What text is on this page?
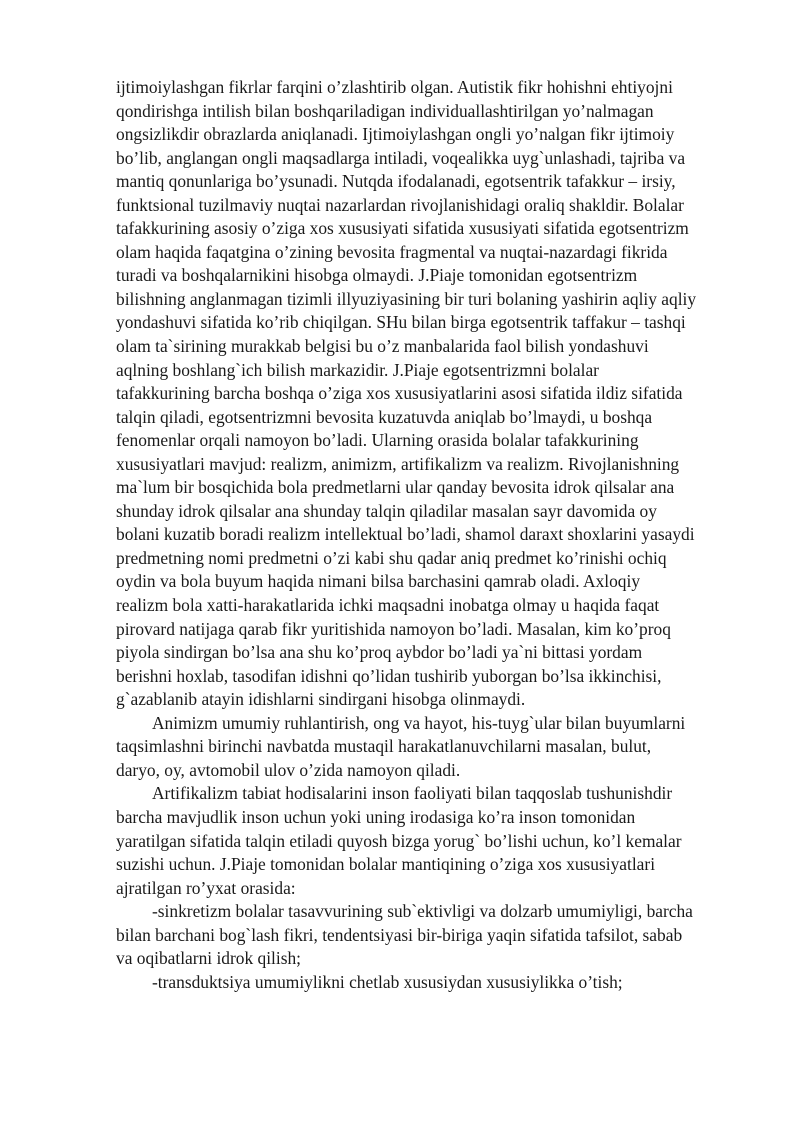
ijtimoiylashgan fikrlar farqini o’zlashtirib olgan. Autistik fikr hohishni ehtiyojni
qondirishga intilish bilan boshqariladigan individuallashtirilgan yo’nalmagan
ongsizlikdir obrazlarda aniqlanadi. Ijtimoiylashgan ongli yo’nalgan fikr ijtimoiy
bo’lib, anglangan ongli maqsadlarga intiladi, voqealikka uyg`unlashadi, tajriba va
mantiq qonunlariga bo’ysunadi. Nutqda ifodalanadi, egotsentrik tafakkur – irsiy,
funktsional tuzilmaviy nuqtai nazarlardan rivojlanishidagi oraliq shakldir. Bolalar
tafakkurining asosiy o’ziga xos xususiyati sifatida xususiyati sifatida egotsentrizm
olam haqida faqatgina o’zining bevosita fragmental va nuqtai-nazardagi fikrida
turadi va boshqalarnikini hisobga olmaydi. J.Piaje tomonidan egotsentrizm
bilishning anglanmagan tizimli illyuziyasining bir turi bolaning yashirin aqliy aqliy
yondashuvi sifatida ko’rib chiqilgan. SHu bilan birga egotsentrik taffakur – tashqi
olam ta`sirining murakkab belgisi bu o’z manbalarida faol bilish yondashuvi
aqlning boshlang`ich bilish markazidir. J.Piaje egotsentrizmni bolalar
tafakkurining barcha boshqa o’ziga xos xususiyatlarini asosi sifatida ildiz sifatida
talqin qiladi, egotsentrizmni bevosita kuzatuvda aniqlab bo’lmaydi, u boshqa
fenomenlar orqali namoyon bo’ladi. Ularning orasida bolalar tafakkurining
xususiyatlari mavjud: realizm, animizm, artifikalizm va realizm. Rivojlanishning
ma`lum bir bosqichida bola predmetlarni ular qanday bevosita idrok qilsalar ana
shunday idrok qilsalar ana shunday talqin qiladilar masalan sayr davomida oy
bolani kuzatib boradi realizm intellektual bo’ladi, shamol daraxt shoxlarini yasaydi
predmetning nomi predmetni o’zi kabi shu qadar aniq predmet ko’rinishi ochiq
oydin va bola buyum haqida nimani bilsa barchasini qamrab oladi. Axloqiy
realizm bola xatti-harakatlarida ichki maqsadni inobatga olmay u haqida faqat
pirovard natijaga qarab fikr yuritishida namoyon bo’ladi. Masalan, kim ko’proq
piyola sindirgan bo’lsa ana shu ko’proq aybdor bo’ladi ya`ni bittasi yordam
berishni hoxlab, tasodifan idishni qo’lidan tushirib yuborgan bo’lsa ikkinchisi,
g`azablanib atayin idishlarni sindirgani hisobga olinmaydi.
Animizm umumiy ruhlantirish, ong va hayot, his-tuyg`ular bilan buyumlarni
taqsimlashni birinchi navbatda mustaqil harakatlanuvchilarni masalan, bulut,
daryo, oy, avtomobil ulov o’zida namoyon qiladi.
Artifikalizm tabiat hodisalarini inson faoliyati bilan taqqoslab tushunishdir
barcha mavjudlik inson uchun yoki uning irodasiga ko’ra inson tomonidan
yaratilgan sifatida talqin etiladi quyosh bizga yorug` bo’lishi uchun, ko’l kemalar
suzishi uchun. J.Piaje tomonidan bolalar mantiqining o’ziga xos xususiyatlari
ajratilgan ro’yxat orasida:
-sinkretizm bolalar tasavvurining sub`ektivligi va dolzarb umumiyligi, barcha
bilan barchani bog`lash fikri, tendentsiyasi bir-biriga yaqin sifatida tafsilot, sabab
va oqibatlarni idrok qilish;
-transduktsiya umumiylikni chetlab xususiydan xususiylikka o’tish;
